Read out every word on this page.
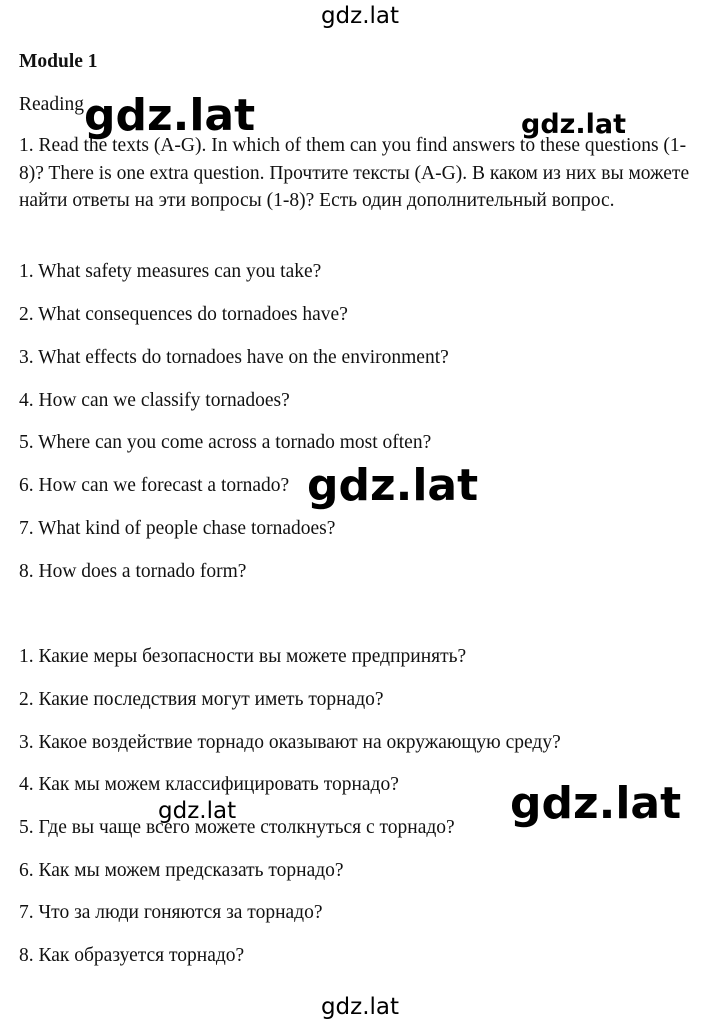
gdz.lat
Module 1
Reading
1. Read the texts (A-G). In which of them can you find answers to these questions (1-8)? There is one extra question. Прочтите тексты (A-G). В каком из них вы можете найти ответы на эти вопросы (1-8)? Есть один дополнительный вопрос.
1. What safety measures can you take?
2. What consequences do tornadoes have?
3. What effects do tornadoes have on the environment?
4. How can we classify tornadoes?
5. Where can you come across a tornado most often?
6. How can we forecast a tornado?
7. What kind of people chase tornadoes?
8. How does a tornado form?
1. Какие меры безопасности вы можете предпринять?
2. Какие последствия могут иметь торнадо?
3. Какое воздействие торнадо оказывают на окружающую среду?
4. Как мы можем классифицировать торнадо?
5. Где вы чаще всего можете столкнуться с торнадо?
6. Как мы можем предсказать торнадо?
7. Что за люди гоняются за торнадо?
8. Как образуется торнадо?
gdz.lat	gdz.lat
gdz.lat
gdz.lat	gdz.lat
gdz.lat
